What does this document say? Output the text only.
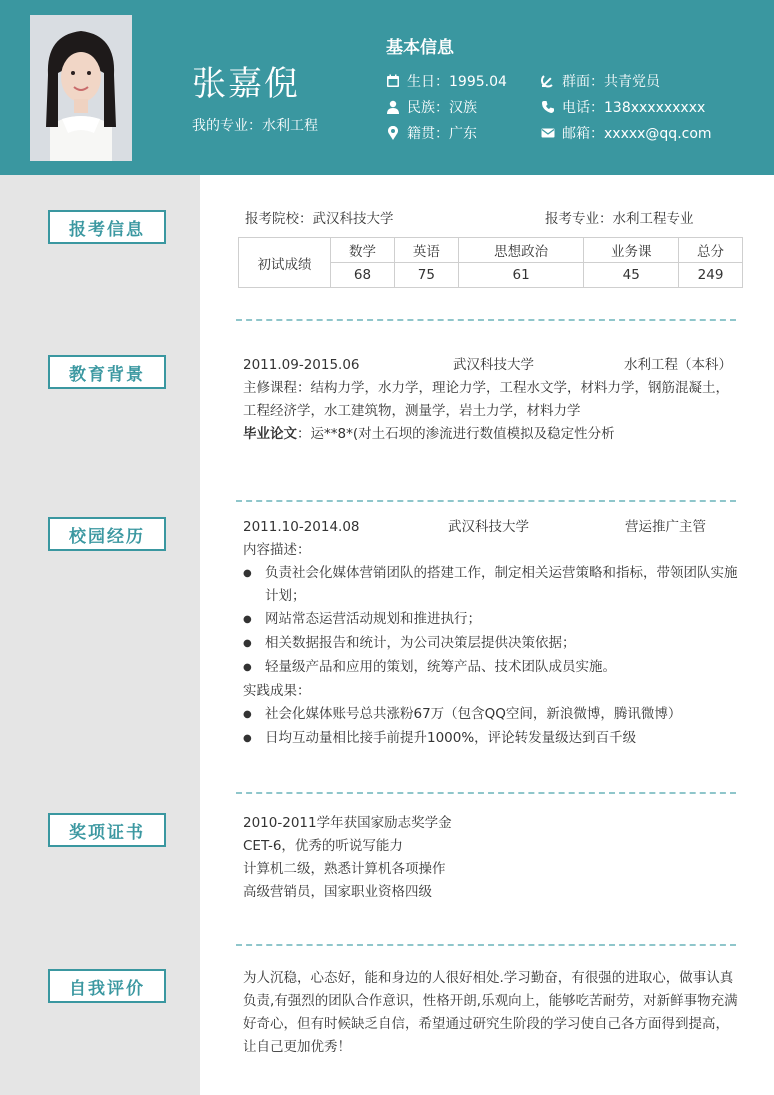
张嘉倪
我的专业：水利工程
基本信息
生日：1995.04
民族：汉族
籍贯：广东
群面：共青党员
电话：138xxxxxxxxx
邮箱：xxxxx@qq.com
报考信息
教育背景
校园经历
奖项证书
自我评价
报考院校：武汉科技大学	报考专业：水利工程专业
初试成绩	数学	英语	思想政治	业务课	总分
	68	75	61	45	249
2011.09-2015.06	武汉科技大学	水利工程（本科）
主修课程：结构力学，水力学，理论力学，工程水文学，材料力学，钢筋混凝土，
工程经济学，水工建筑物，测量学，岩土力学，材料力学
毕业论文：运**8*(对土石坝的渗流进行数值模拟及稳定性分析
2011.10-2014.08	武汉科技大学	营运推广主管
内容描述：
●
负责社会化媒体营销团队的搭建工作，制定相关运营策略和指标，带领团队实施计划；
●
网站常态运营活动规划和推进执行；
●
相关数据报告和统计，为公司决策层提供决策依据；
●
轻量级产品和应用的策划，统筹产品、技术团队成员实施。
实践成果：
●
社会化媒体账号总共涨粉67万（包含QQ空间，新浪微博，腾讯微博）
●
日均互动量相比接手前提升1000%，评论转发量级达到百千级
2010-2011学年获国家励志奖学金
CET-6，优秀的听说写能力
计算机二级，熟悉计算机各项操作
高级营销员，国家职业资格四级
为人沉稳，心态好，能和身边的人很好相处.学习勤奋，有很强的进取心，做事认真
负责,有强烈的团队合作意识，性格开朗,乐观向上，能够吃苦耐劳，对新鲜事物充满
好奇心，但有时候缺乏自信，希望通过研究生阶段的学习使自己各方面得到提高，
让自己更加优秀！
